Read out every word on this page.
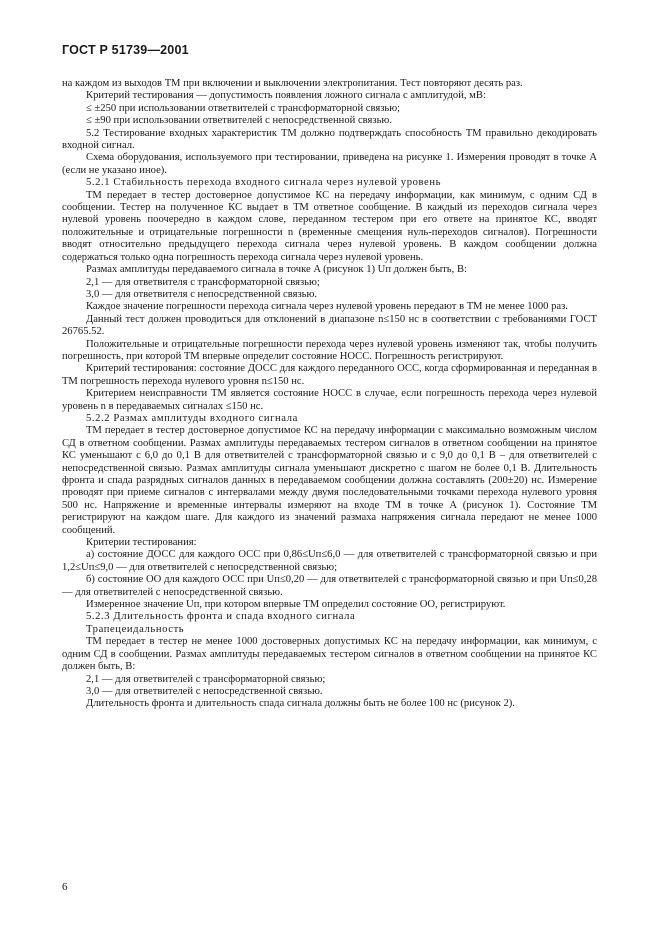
ГОСТ Р 51739—2001

на каждом из выходов ТМ при включении и выключении электропитания. Тест повторяют десять раз.

Критерий тестирования — допустимость появления ложного сигнала с амплитудой, мВ:

≤ ±250 при использовании ответвителей с трансформаторной связью;

≤ ±90 при использовании ответвителей с непосредственной связью.

5.2 Тестирование входных характеристик ТМ должно подтверждать способность ТМ правильно декодировать входной сигнал.

Схема оборудования, используемого при тестировании, приведена на рисунке 1. Измерения проводят в точке A (если не указано иное).

5.2.1 Стабильность перехода входного сигнала через нулевой уровень

ТМ передает в тестер достоверное допустимое КС на передачу информации, как минимум, с одним СД в сообщении. Тестер на полученное КС выдает в ТМ ответное сообщение. В каждый из переходов сигнала через нулевой уровень поочередно в каждом слове, переданном тестером при его ответе на принятое КС, вводят положительные и отрицательные погрешности n (временные смещения нуль-переходов сигналов). Погрешности вводят относительно предыдущего перехода сигнала через нулевой уровень. В каждом сообщении должна содержаться только одна погрешность перехода сигнала через нулевой уровень.

Размах амплитуды передаваемого сигнала в точке A (рисунок 1) Uп должен быть, В:

2,1 — для ответвителя с трансформаторной связью;

3,0 — для ответвителя с непосредственной связью.

Каждое значение погрешности перехода сигнала через нулевой уровень передают в ТМ не менее 1000 раз.

Данный тест должен проводиться для отклонений в диапазоне n≤150 нс в соответствии с требованиями ГОСТ 26765.52.

Положительные и отрицательные погрешности перехода через нулевой уровень изменяют так, чтобы получить погрешность, при которой ТМ впервые определит состояние НОСС. Погрешность регистрируют.

Критерий тестирования: состояние ДОСС для каждого переданного ОСС, когда сформированная и переданная в ТМ погрешность перехода нулевого уровня n≤150 нс.

Критерием неисправности ТМ является состояние НОСС в случае, если погрешность перехода через нулевой уровень n в передаваемых сигналах ≤150 нс.

5.2.2 Размах амплитуды входного сигнала

ТМ передает в тестер достоверное допустимое КС на передачу информации с максимально возможным числом СД в ответном сообщении. Размах амплитуды передаваемых тестером сигналов в ответном сообщении на принятое КС уменьшают с 6,0 до 0,1 В для ответвителей с трансформаторной связью и с 9,0 до 0,1 В – для ответвителей с непосредственной связью. Размах амплитуды сигнала уменьшают дискретно с шагом не более 0,1 В. Длительность фронта и спада разрядных сигналов данных в передаваемом сообщении должна составлять (200±20) нс. Измерение проводят при приеме сигналов с интервалами между двумя последовательными точками перехода нулевого уровня 500 нс. Напряжение и временные интервалы измеряют на входе ТМ в точке A (рисунок 1). Состояние ТМ регистрируют на каждом шаге. Для каждого из значений размаха напряжения сигнала передают не менее 1000 сообщений.

Критерии тестирования:

а) состояние ДОСС для каждого ОСС при 0,86≤Uп≤6,0 — для ответвителей с трансформаторной связью и при 1,2≤Uп≤9,0 — для ответвителей с непосредственной связью;

б) состояние ОО для каждого ОСС при Uп≤0,20 — для ответвителей с трансформаторной связью и при Uп≤0,28 — для ответвителей с непосредственной связью.

Измеренное значение Uп, при котором впервые ТМ определил состояние ОО, регистрируют.

5.2.3 Длительность фронта и спада входного сигнала

Трапецеидальность

ТМ передает в тестер не менее 1000 достоверных допустимых КС на передачу информации, как минимум, с одним СД в сообщении. Размах амплитуды передаваемых тестером сигналов в ответном сообщении на принятое КС должен быть, В:

2,1 — для ответвителей с трансформаторной связью;

3,0 — для ответвителей с непосредственной связью.

Длительность фронта и длительность спада сигнала должны быть не более 100 нс (рисунок 2).

6
